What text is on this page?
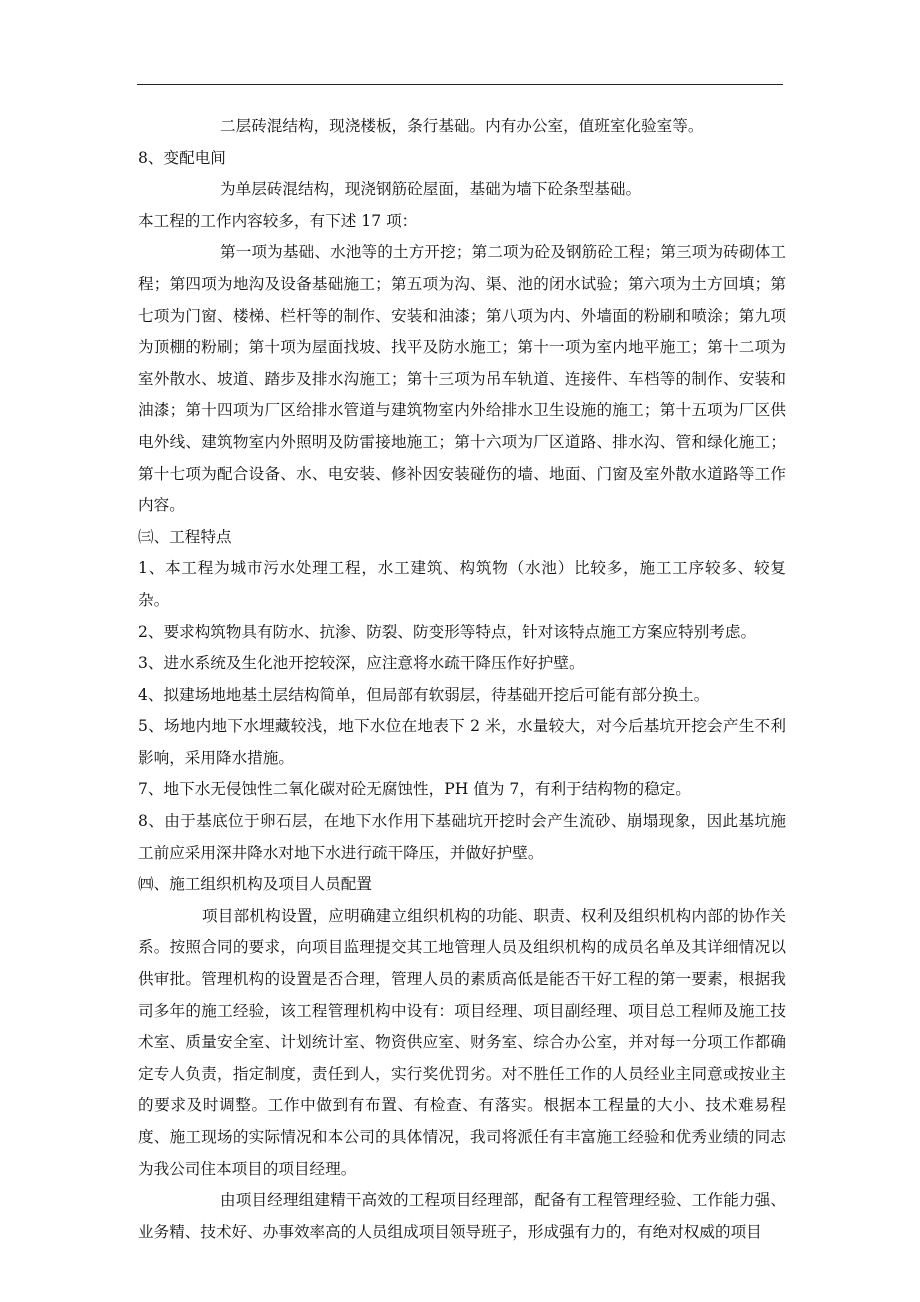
二层砖混结构，现浇楼板，条行基础。内有办公室，值班室化验室等。

8、变配电间

为单层砖混结构，现浇钢筋砼屋面，基础为墙下砼条型基础。

本工程的工作内容较多，有下述 17 项：

第一项为基础、水池等的土方开挖；第二项为砼及钢筋砼工程；第三项为砖砌体工程；第四项为地沟及设备基础施工；第五项为沟、渠、池的闭水试验；第六项为土方回填；第七项为门窗、楼梯、栏杆等的制作、安装和油漆；第八项为内、外墙面的粉刷和喷涂；第九项为顶棚的粉刷；第十项为屋面找坡、找平及防水施工；第十一项为室内地平施工；第十二项为室外散水、坡道、踏步及排水沟施工；第十三项为吊车轨道、连接件、车档等的制作、安装和油漆；第十四项为厂区给排水管道与建筑物室内外给排水卫生设施的施工；第十五项为厂区供电外线、建筑物室内外照明及防雷接地施工；第十六项为厂区道路、排水沟、管和绿化施工；第十七项为配合设备、水、电安装、修补因安装碰伤的墙、地面、门窗及室外散水道路等工作内容。

㈢、工程特点

1、本工程为城市污水处理工程，水工建筑、构筑物（水池）比较多，施工工序较多、较复杂。

2、要求构筑物具有防水、抗渗、防裂、防变形等特点，针对该特点施工方案应特别考虑。

3、进水系统及生化池开挖较深，应注意将水疏干降压作好护壁。

4、拟建场地地基土层结构简单，但局部有软弱层，待基础开挖后可能有部分换土。

5、场地内地下水埋藏较浅，地下水位在地表下 2 米，水量较大，对今后基坑开挖会产生不利影响，采用降水措施。

7、地下水无侵蚀性二氧化碳对砼无腐蚀性，PH 值为 7，有利于结构物的稳定。

8、由于基底位于卵石层，在地下水作用下基础坑开挖时会产生流砂、崩塌现象，因此基坑施工前应采用深井降水对地下水进行疏干降压，并做好护壁。

㈣、施工组织机构及项目人员配置

项目部机构设置，应明确建立组织机构的功能、职责、权利及组织机构内部的协作关系。按照合同的要求，向项目监理提交其工地管理人员及组织机构的成员名单及其详细情况以供审批。管理机构的设置是否合理，管理人员的素质高低是能否干好工程的第一要素，根据我司多年的施工经验，该工程管理机构中设有：项目经理、项目副经理、项目总工程师及施工技术室、质量安全室、计划统计室、物资供应室、财务室、综合办公室，并对每一分项工作都确定专人负责，指定制度，责任到人，实行奖优罚劣。对不胜任工作的人员经业主同意或按业主的要求及时调整。工作中做到有布置、有检查、有落实。根据本工程量的大小、技术难易程度、施工现场的实际情况和本公司的具体情况，我司将派任有丰富施工经验和优秀业绩的同志为我公司住本项目的项目经理。

由项目经理组建精干高效的工程项目经理部，配备有工程管理经验、工作能力强、业务精、技术好、办事效率高的人员组成项目领导班子，形成强有力的，有绝对权威的项目
